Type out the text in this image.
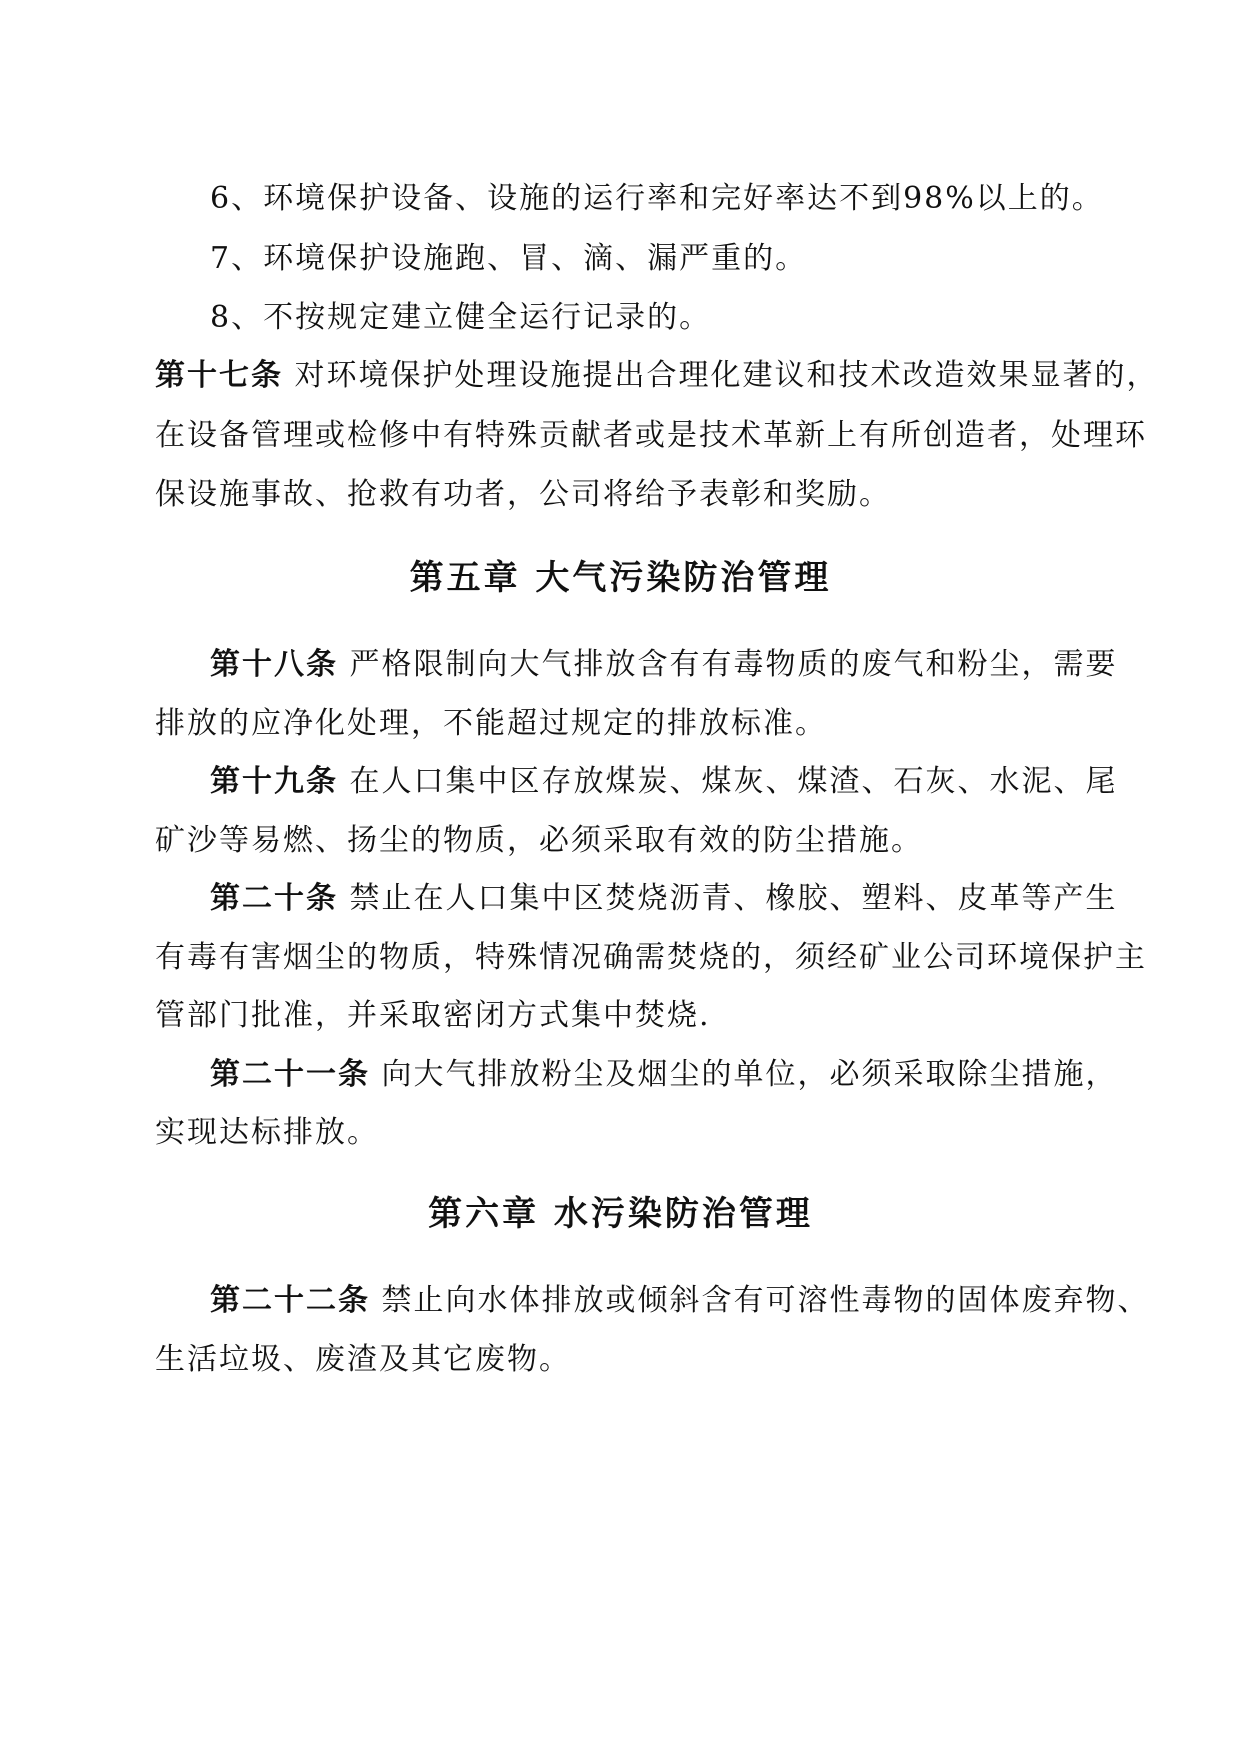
6、环境保护设备、设施的运行率和完好率达不到98%以上的。
7、环境保护设施跑、冒、滴、漏严重的。
8、不按规定建立健全运行记录的。
第十七条 对环境保护处理设施提出合理化建议和技术改造效果显著的，
在设备管理或检修中有特殊贡献者或是技术革新上有所创造者，处理环
保设施事故、抢救有功者，公司将给予表彰和奖励。
第五章 大气污染防治管理
第十八条 严格限制向大气排放含有有毒物质的废气和粉尘，需要
排放的应净化处理，不能超过规定的排放标准。
第十九条 在人口集中区存放煤炭、煤灰、煤渣、石灰、水泥、尾
矿沙等易燃、扬尘的物质，必须采取有效的防尘措施。
第二十条 禁止在人口集中区焚烧沥青、橡胶、塑料、皮革等产生
有毒有害烟尘的物质，特殊情况确需焚烧的，须经矿业公司环境保护主
管部门批准，并采取密闭方式集中焚烧.
第二十一条 向大气排放粉尘及烟尘的单位，必须采取除尘措施，
实现达标排放。
第六章 水污染防治管理
第二十二条 禁止向水体排放或倾斜含有可溶性毒物的固体废弃物、
生活垃圾、废渣及其它废物。
